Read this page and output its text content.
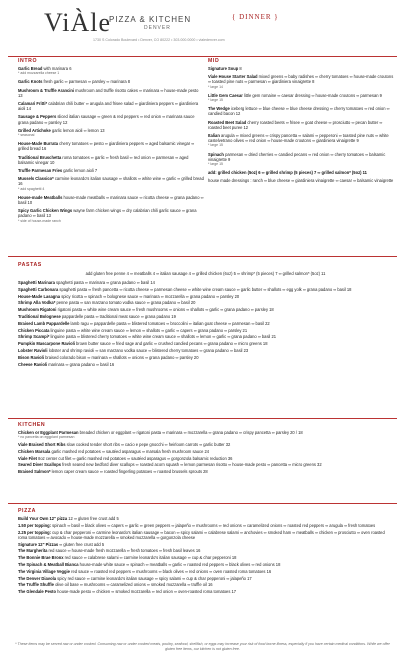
ViÀle
PIZZA & KITCHEN
DENVER
{ DINNER }
1730 S Colorado Boulevard • Denver, CO 80222 • 303.000.0000 • vialedenver.com
INTRO	MID
Garlic Bread with marinara 6
* add mozzarella cheese 1
Garlic Knots fresh garlic ∞ parmesan ∞ parsley ∞ marinara 8
Mushroom & Truffle Arancini mushroom and truffle risotto cakes ∞ marinara ∞ house-made pesto 13
Calamari Fritti* calabrian chili butter ∞ arugula and frisee salad ∞ giardiniera peppers ∞ giardiniera aioli 14
Sausage & Peppers sliced italian sausage ∞ green & red peppers ∞ red onion ∞ marinara sauce grana padano ∞ parsley 12
Grilled Artichoke garlic lemon aioli ∞ lemon 13
* seasonal
House-Made Burrata cherry tomatoes ∞ pesto ∞ giardiniera peppers ∞ aged balsamic vinegar ∞ grilled bread 16
Traditional Bruschetta roma tomatoes ∞ garlic ∞ fresh basil ∞ red onion ∞ parmesan ∞ aged balsamic vinegar 10
Truffle Parmesan Fries garlic lemon aioli 7
Mussels Classico* carmine leonardo's italian sausage ∞ shallots ∞ white wine ∞ garlic ∞ grilled bread 16
* add spaghetti 4
House-made Meatballs house-made meatballs ∞ marinara sauce ∞ ricotta cheese ∞ grana padano ∞ basil 10
Spicy Garlic Chicken Wings wayne farm chicken wings ∞ dry calabrian chili garlic sauce ∞ grana padano ∞ basil 13
* side of house-made ranch
Signature Soup 8
Viale House Starter Salad mixed greens ∞ baby radishes ∞ cherry tomatoes ∞ house-made croutons ∞ toasted pine nuts ∞ parmesan ∞ giardiniera vinaigrette 8
* large 14
Little Gem Caesar little gem romaine ∞ caesar dressing ∞ house-made croutons ∞ parmesan 9
* large 15
The Wedge iceberg lettuce ∞ blue cheese ∞ blue cheese dressing ∞ cherry tomatoes ∞ red onion ∞ candied bacon 12
Roasted Beet Salad cherry roasted beets ∞ frisee ∞ goat cheese ∞ prosciutto ∞ pecan butter ∞ roasted beet puree 12
Italian arugula ∞ mixed greens ∞ crispy pancetta ∞ salami ∞ pepperoni ∞ toasted pine nuts ∞ white castelvetrano olives ∞ red onion ∞ house-made croutons ∞ giardiniera vinaigrette 9
* large 15
Spinach parmesan ∞ dried cherries ∞ candied pecans ∞ red onion ∞ cherry tomatoes ∞ balsamic vinaigrette 9
* large 15
add: grilled chicken (5oz) 6 ∞ grilled shrimp (5 pieces) 7 ∞ grilled salmon* (5oz) 11
house made dressings : ranch ∞ blue cheese ∞ giardiniera vinaigrette ∞ caesar ∞ balsamic vinaigrette
PASTAS
add gluten free penne 4 ∞ meatballs 4 ∞ italian sausage 4 ∞ grilled chicken (6oz) 5 ∞ shrimp* (5 pieces) 7 ∞ grilled salmon* (5oz) 11
Spaghetti Marinara spaghetti pasta ∞ marinara ∞ grana padano ∞ basil 14
Spaghetti Carbonara spaghetti pasta ∞ fresh pancetta ∞ ricotta cheese ∞ parmesan cheese ∞ white wine cream sauce ∞ garlic butter ∞ shallots ∞ egg yolk ∞ grana padano ∞ basil 18
House-Made Lasagna spicy ricotta ∞ spinach ∞ bolognese sauce ∞ marinara ∞ mozzarella ∞ grana padano ∞ parsley 20
Shrimp Alla Vodka* penne pasta ∞ san marzano tomato vodka sauce ∞ grana padano ∞ basil 20
Mushroom Rigatoni rigatoni pasta ∞ white wine cream sauce ∞ fresh mushrooms ∞ onions ∞ shallots ∞ garlic ∞ grana padano ∞ parsley 18
Traditional Bolognese pappardelle pasta ∞ traditional meat sauce ∞ grana padano 19
Braised Lamb Pappardelle lamb ragu ∞ pappardelle pasta ∞ blistered tomatoes ∞ broccolini ∞ italian goat cheese ∞ parmesan ∞ basil 22
Chicken Piccata linguine pasta ∞ white wine cream sauce ∞ lemon ∞ shallots ∞ garlic ∞ capers ∞ grana padano ∞ parsley 21
Shrimp Scampi* linguine pasta ∞ blistered cherry tomatoes ∞ white wine cream sauce ∞ shallots ∞ lemon ∞ garlic ∞ grana padano ∞ basil 21
Pumpkin Mascarpone Ravioli brown butter sauce ∞ fried sage and garlic ∞ crushed candied pecans ∞ grana padano ∞ micro greens 18
Lobster Ravioli lobster and shrimp ravioli ∞ san marzano vodka sauce ∞ blistered cherry tomatoes ∞ grana padano ∞ basil 23
Bison Ravioli braised colorado bison ∞ marinara ∞ shallots ∞ onions ∞ grana padano ∞ parsley 20
Cheese Ravioli marinara ∞ grana padano ∞ basil 16
KITCHEN
Chicken or Eggplant Parmesan breaded chicken or eggplant ∞ rigatoni pasta ∞ marinara ∞ mozzarella ∞ grana padano ∞ crispy pancetta ∞ parsley 20 / 18
* no pancetta on eggplant parmesan
Viale Braised Short Ribs slow cooked tender short ribs ∞ cacio e pepe gnocchi ∞ heirloom carrots ∞ garlic butter 32
Chicken Marsala garlic mashed red potatoes ∞ sautéed asparagus ∞ marsala fresh mushroom sauce 24
Viale Filet 8oz center cut filet ∞ garlic mashed red potatoes ∞ sautéed asparagus ∞ gorgonzola balsamic reduction 36
Seared Diver Scallops fresh seared new bedford diver scallops ∞ roasted acorn squash ∞ lemon parmesan risotto ∞ house-made pesto ∞ pancetta ∞ micro greens 32
Braised Salmon* lemon caper cream sauce ∞ roasted fingerling potatoes ∞ roasted brussels sprouts 28
PIZZA
Build Your Own 12" pizza 12 ∞ gluten free crust add 5
1.50 per topping: spinach ∞ basil ∞ black olives ∞ capers ∞ garlic ∞ green peppers ∞ jalapeño ∞ mushrooms ∞ red onions ∞ caramelized onions ∞ roasted red peppers ∞ arugula ∞ fresh tomatoes
2.25 per topping: cup & char pepperoni ∞ carmine leonardo's italian sausage ∞ bacon ∞ spicy salami ∞ calabrese salami ∞ anchovies ∞ smoked ham ∞ meatballs ∞ chicken ∞ prosciutto ∞ oven roasted roma tomatoes ∞ avocado ∞ house-made mozzarella ∞ smoked mozzarella ∞ gorgonzola cheese
Signature 12" Pizzas ∞ gluten free crust add 5
The Margherita red sauce ∞ house-made fresh mozzarella ∞ fresh tomatoes ∞ fresh basil leaves 16
The Bonnie Brae Bronx red sauce ∞ calabrese salami ∞ carmine leonardo's italian sausage ∞ cup & char pepperoni 18
The Spinach & Meatball Bianca house-made white sauce ∞ spinach ∞ meatballs ∞ garlic ∞ roasted red peppers ∞ black olives ∞ red onions 18
The Virginia Village Veggie red sauce ∞ roasted red peppers ∞ mushrooms ∞ black olives ∞ red onions ∞ oven roasted roma tomatoes 16
The Denver Diavola spicy red sauce ∞ carmine leonardo's italian sausage ∞ spicy salami ∞ cup & char pepperoni ∞ jalapeño 17
The Truffle Shuffle olive oil base ∞ mushrooms ∞ caramelized onions ∞ smoked mozzarella ∞ truffle oil 16
The Glendale Pesto house-made pesto ∞ chicken ∞ smoked mozzarella ∞ red onion ∞ oven-roasted roma tomatoes 17
* These items may be served raw or under cooked. Consuming raw or under cooked meats, poultry, seafood, shellfish, or eggs may increase your risk of food borne illness, especially if you have certain medical conditions. While we offer gluten free items, our kitchen is not gluten free.
